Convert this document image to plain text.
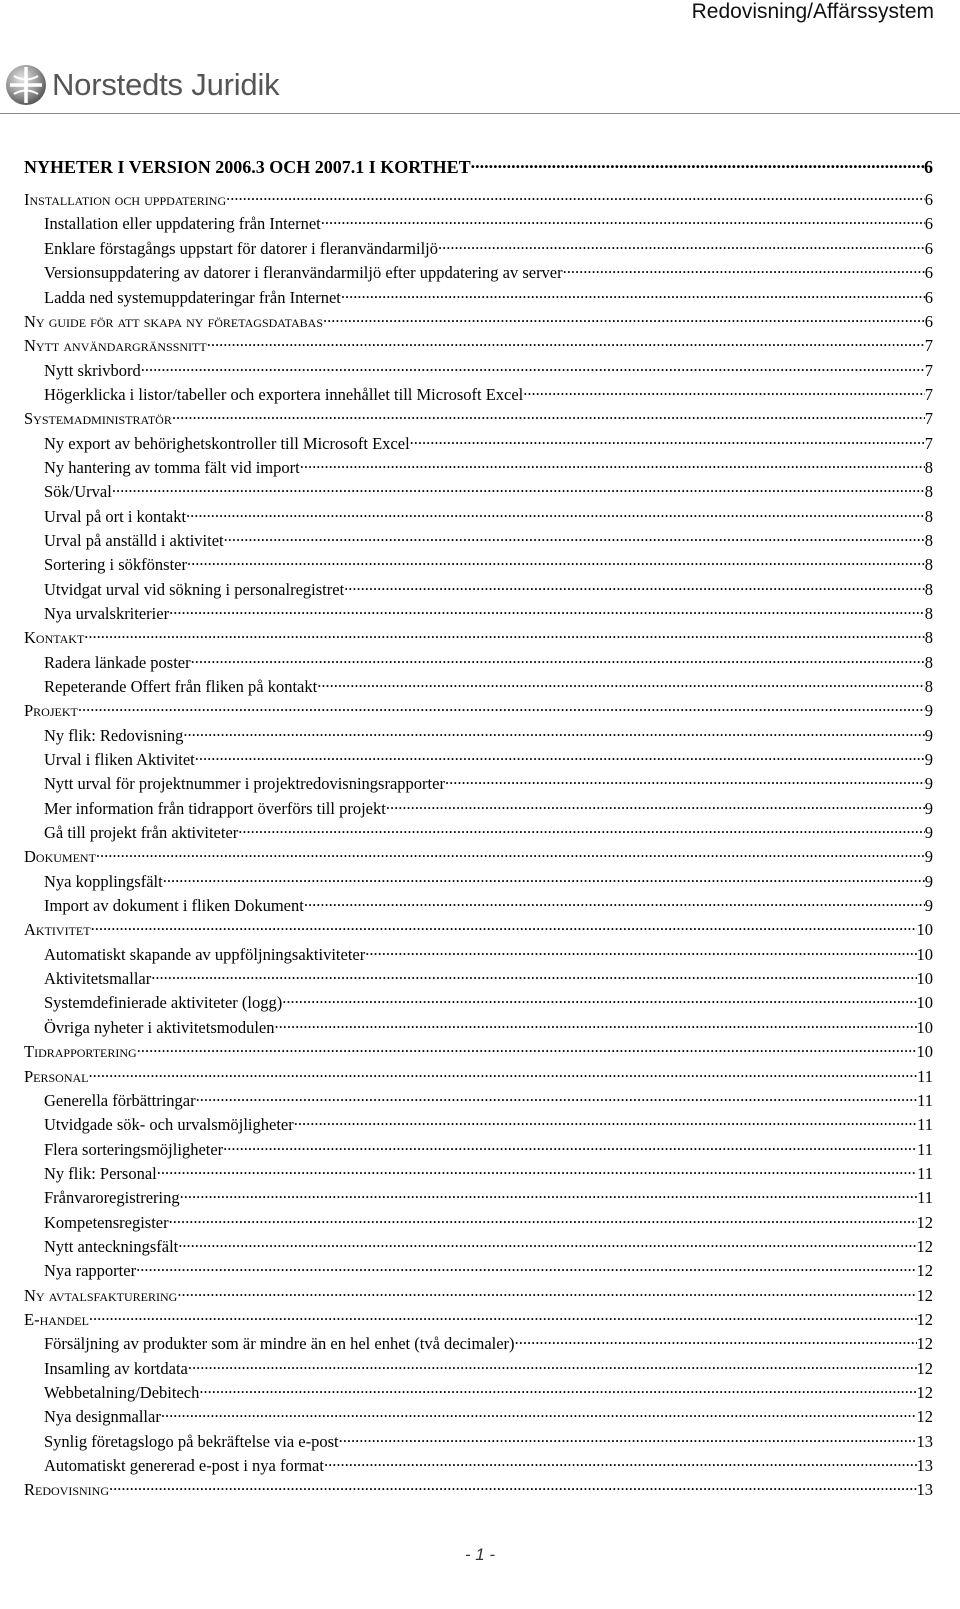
Redovisning/Affärssystem
Norstedts Juridik
NYHETER I VERSION 2006.3 OCH 2007.1 I KORTHET .....	6
Installation och uppdatering .....	6
Installation eller uppdatering från Internet .....	6
Enklare förstagångs uppstart för datorer i fleranvändarmiljö .....	6
Versionsuppdatering av datorer i fleranvändarmiljö efter uppdatering av server .....	6
Ladda ned systemuppdateringar från Internet .....	6
Ny guide för att skapa ny företagsdatabas .....	6
Nytt användargränssnitt .....	7
Nytt skrivbord .....	7
Högerklicka i listor/tabeller och exportera innehållet till Microsoft Excel .....	7
Systemadministratör .....	7
Ny export av behörighetskontroller till Microsoft Excel .....	7
Ny hantering av tomma fält vid import .....	8
Sök/Urval .....	8
Urval på ort i kontakt .....	8
Urval på anställd i aktivitet .....	8
Sortering i sökfönster .....	8
Utvidgat urval vid sökning i personalregistret .....	8
Nya urvalskriterier .....	8
Kontakt .....	8
Radera länkade poster .....	8
Repeterande Offert från fliken på kontakt .....	8
Projekt .....	9
Ny flik: Redovisning .....	9
Urval i fliken Aktivitet .....	9
Nytt urval för projektnummer i projektredovisningsrapporter .....	9
Mer information från tidrapport överförs till projekt .....	9
Gå till projekt från aktiviteter .....	9
Dokument .....	9
Nya kopplingsfält .....	9
Import av dokument i fliken Dokument .....	9
Aktivitet .....	10
Automatiskt skapande av uppföljningsaktiviteter .....	10
Aktivitetsmallar .....	10
Systemdefinierade aktiviteter (logg) .....	10
Övriga nyheter i aktivitetsmodulen .....	10
Tidrapportering .....	10
Personal .....	11
Generella förbättringar .....	11
Utvidgade sök- och urvalsmöjligheter .....	11
Flera sorteringsmöjligheter .....	11
Ny flik: Personal .....	11
Frånvaroregistrering .....	11
Kompetensregister .....	12
Nytt anteckningsfält .....	12
Nya rapporter .....	12
Ny avtalsfakturering .....	12
E-handel .....	12
Försäljning av produkter som är mindre än en hel enhet (två decimaler) .....	12
Insamling av kortdata .....	12
Webbetalning/Debitech .....	12
Nya designmallar .....	12
Synlig företagslogo på bekräftelse via e-post .....	13
Automatiskt genererad e-post i nya format .....	13
Redovisning .....	13
- 1 -
